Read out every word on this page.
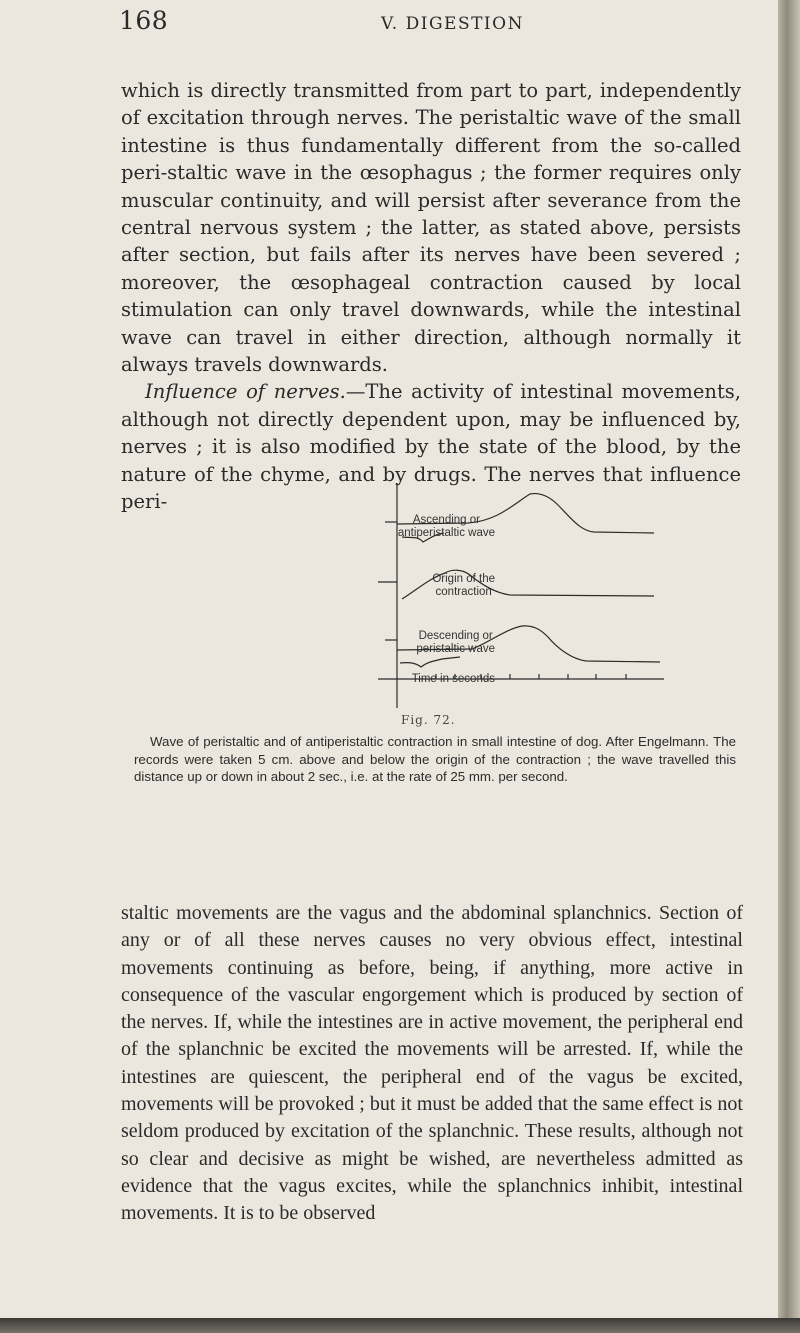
168	V. DIGESTION

which is directly transmitted from part to part, independently of excitation through nerves. The peristaltic wave of the small intestine is thus fundamentally different from the so-called peri-staltic wave in the œsophagus ; the former requires only muscular continuity, and will persist after severance from the central nervous system ; the latter, as stated above, persists after section, but fails after its nerves have been severed ; moreover, the œsophageal contraction caused by local stimulation can only travel downwards, while the intestinal wave can travel in either direction, although normally it always travels downwards.
Influence of nerves.—The activity of intestinal movements, although not directly dependent upon, may be influenced by, nerves ; it is also modified by the state of the blood, by the nature of the chyme, and by drugs. The nerves that influence peri-

Ascending or
antiperistaltic wave
Origin of the
contraction
Descending or
peristaltic wave
Time in seconds
Fig. 72.

Wave of peristaltic and of antiperistaltic contraction in small intestine of dog. After Engelmann. The records were taken 5 cm. above and below the origin of the contraction ; the wave travelled this distance up or down in about 2 sec., i.e. at the rate of 25 mm. per second.

staltic movements are the vagus and the abdominal splanchnics. Section of any or of all these nerves causes no very obvious effect, intestinal movements continuing as before, being, if anything, more active in consequence of the vascular engorgement which is produced by section of the nerves. If, while the intestines are in active movement, the peripheral end of the splanchnic be excited the movements will be arrested. If, while the intestines are quiescent, the peripheral end of the vagus be excited, movements will be provoked ; but it must be added that the same effect is not seldom produced by excitation of the splanchnic. These results, although not so clear and decisive as might be wished, are nevertheless admitted as evidence that the vagus excites, while the splanchnics inhibit, intestinal movements. It is to be observed
